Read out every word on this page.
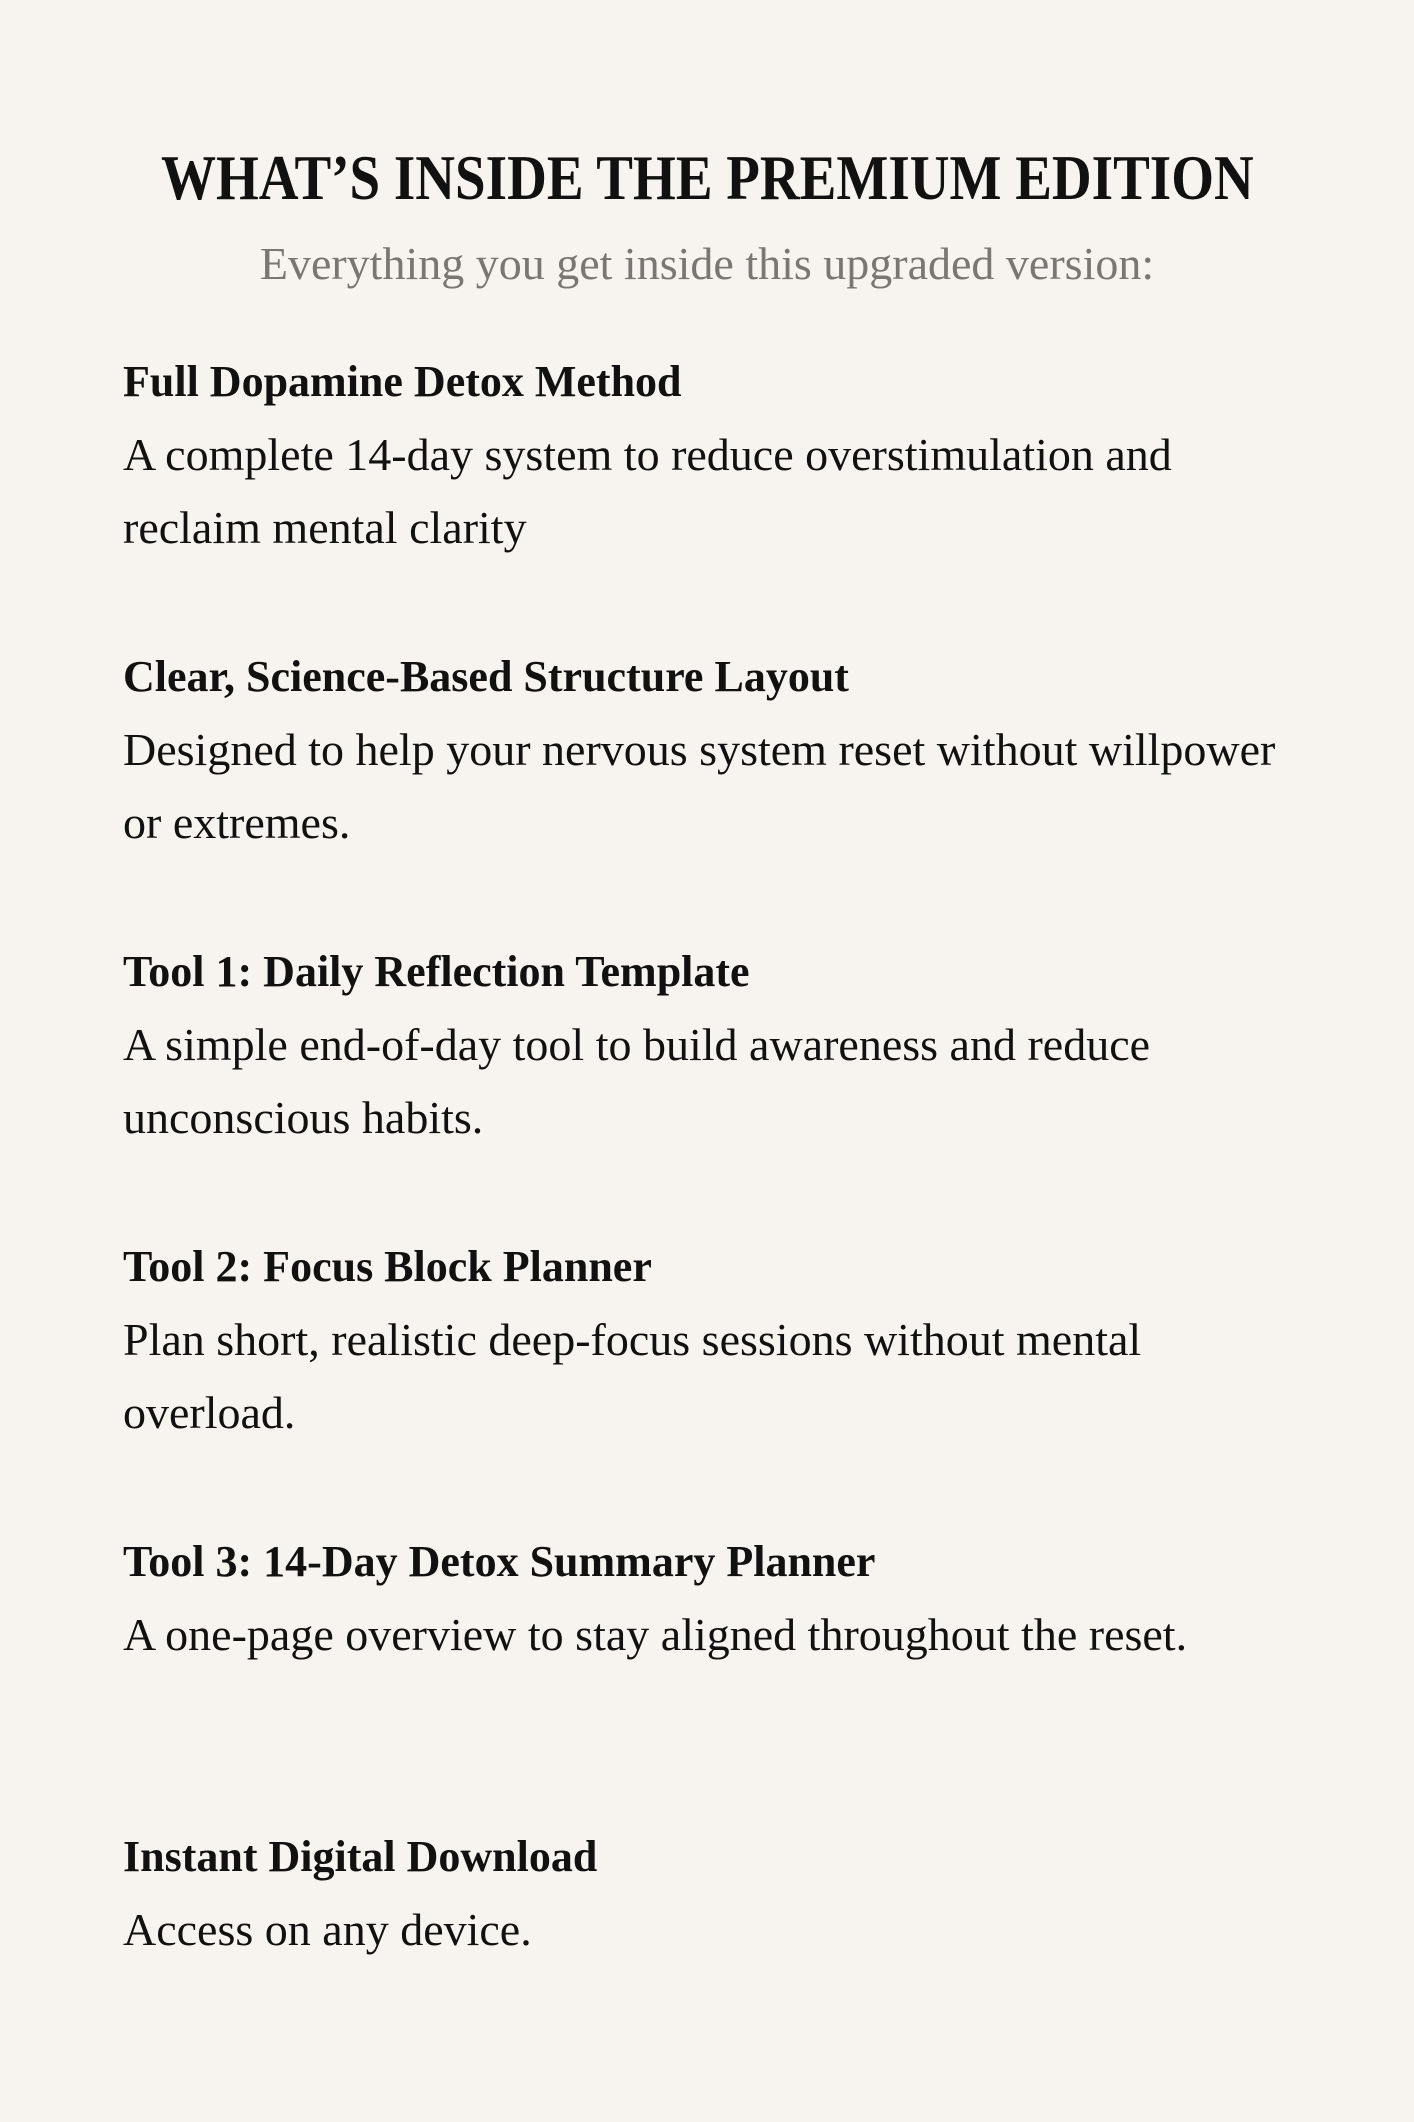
WHAT’S INSIDE THE PREMIUM EDITION
Everything you get inside this upgraded version:
Full Dopamine Detox Method

A complete 14-day system to reduce overstimulation and reclaim mental clarity

Clear, Science-Based Structure Layout

Designed to help your nervous system reset without willpower or extremes.

Tool 1: Daily Reflection Template

A simple end-of-day tool to build awareness and reduce unconscious habits.

Tool 2: Focus Block Planner

Plan short, realistic deep-focus sessions without mental overload.

Tool 3: 14-Day Detox Summary Planner

A one-page overview to stay aligned throughout the reset.

Instant Digital Download

Access on any device.
